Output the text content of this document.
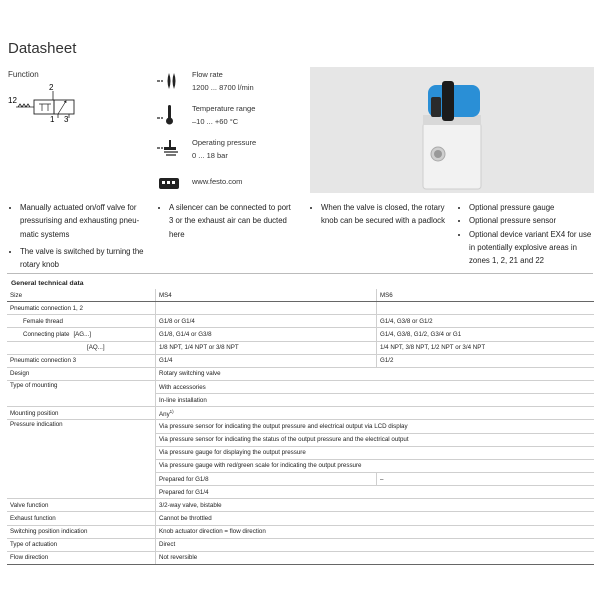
Datasheet
Function
12
2
1 3
Flow rate
1200 ... 8700 l/min
Temperature range
–10 ... +60 °C
Operating pressure
0 ... 18 bar
www.festo.com
• Manually actuated on/off valve for pressurising and exhausting pneumatic systems
• The valve is switched by turning the rotary knob
• A silencer can be connected to port 3 or the exhaust air can be ducted here
• When the valve is closed, the rotary knob can be secured with a padlock
• Optional pressure gauge
• Optional pressure sensor
• Optional device variant EX4 for use in potentially explosive areas in zones 1, 2, 21 and 22
General technical data
Size	MS4	MS6
Pneumatic connection 1, 2		
Female thread	G1/8 or G1/4	G1/4, G3/8 or G1/2
Connecting plate [AG...]	G1/8, G1/4 or G3/8	G1/4, G3/8, G1/2, G3/4 or G1
[AQ...]	1/8 NPT, 1/4 NPT or 3/8 NPT	1/4 NPT, 3/8 NPT, 1/2 NPT or 3/4 NPT
Pneumatic connection 3	G1/4	G1/2
Design	Rotary switching valve	
Type of mounting	With accessories	
	In-line installation	
Mounting position	Any$^{1)}$
Pressure indication	Via pressure sensor for indicating the output pressure and electrical output via LCD display	
	Via pressure sensor for indicating the status of the output pressure and the electrical output	
	Via pressure gauge for displaying the output pressure	
	Via pressure gauge with red/green scale for indicating the output pressure	
	Prepared for G1/8	–
	Prepared for G1/4	
Valve function	3/2-way valve, bistable	
Exhaust function	Cannot be throttled	
Switching position indication	Knob actuator direction = flow direction	
Type of actuation	Direct	
Flow direction	Not reversible	
